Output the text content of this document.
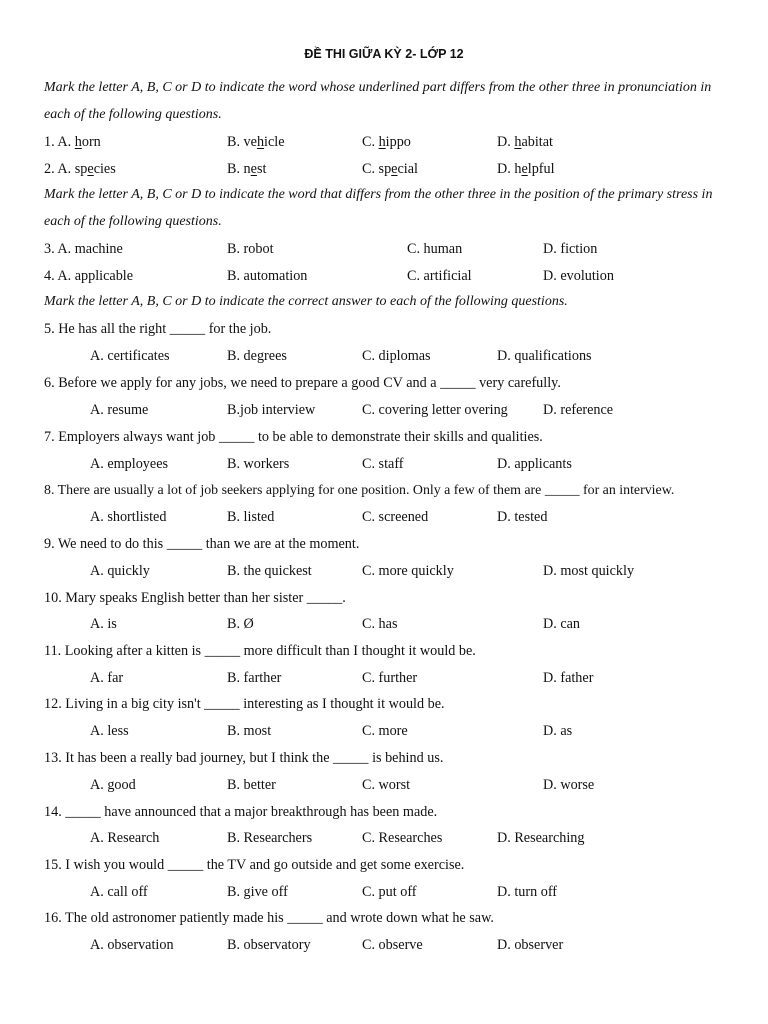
ĐỀ THI GIỮA KỲ 2- LỚP 12
Mark the letter A, B, C or D to indicate the word whose underlined part differs from the other three in pronunciation in each of the following questions.
1. A. horn	B. vehicle	C. hippo	D. habitat
2. A. species	B. nest	C. special	D. helpful
Mark the letter A, B, C or D to indicate the word that differs from the other three in the position of the primary stress in each of the following questions.
3. A. machine	B. robot	C. human	D. fiction
4. A. applicable	B. automation	C. artificial	D. evolution
Mark the letter A, B, C or D to indicate the correct answer to each of the following questions.
5. He has all the right _____ for the job.
A. certificates	B. degrees	C. diplomas	D. qualifications
6. Before we apply for any jobs, we need to prepare a good CV and a _____ very carefully.
A. resume	B.job interview	C. covering letter overing D. reference
7. Employers always want job _____ to be able to demonstrate their skills and qualities.
A. employees	B. workers	C. staff	D. applicants
8. There are usually a lot of job seekers applying for one position. Only a few of them are _____ for an interview.
A. shortlisted	B. listed	C. screened	D. tested
9. We need to do this _____ than we are at the moment.
A. quickly	B. the quickest	C. more quickly	D. most quickly
10. Mary speaks English better than her sister _____.
A. is	B. Ø	C. has	D. can
11. Looking after a kitten is _____ more difficult than I thought it would be.
A. far	B. farther	C. further	D. father
12. Living in a big city isn't _____ interesting as I thought it would be.
A. less	B. most	C. more	D. as
13. It has been a really bad journey, but I think the _____ is behind us.
A. good	B. better	C. worst	D. worse
14. _____ have announced that a major breakthrough has been made.
A. Research	B. Researchers	C. Researches	D. Researching
15. I wish you would _____ the TV and go outside and get some exercise.
A. call off	B. give off	C. put off	D. turn off
16. The old astronomer patiently made his _____ and wrote down what he saw.
A. observation	B. observatory	C. observe	D. observer
